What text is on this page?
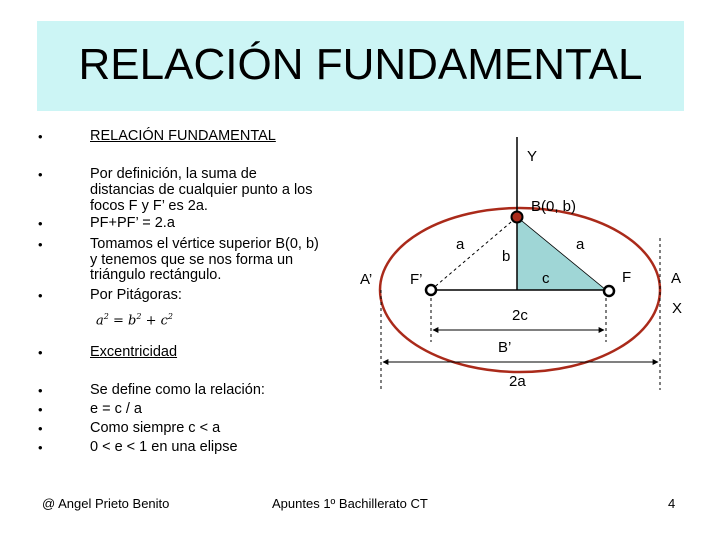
RELACIÓN FUNDAMENTAL
•	RELACIÓN FUNDAMENTAL
•	Por definición, la suma de
distancias de cualquier punto a los
focos F y F’ es 2a.
•	PF+PF’ = 2.a
•	Tomamos el vértice superior B(0, b)
y tenemos que se nos forma un
triángulo rectángulo.
•	Por Pitágoras:
$a^2 = b^2 + c^2$
•	Excentricidad
•	Se define como la relación:
•	e = c / a
•	Como siempre c < a
•	0 < e < 1 en una elipse
Y
B(0, b)
a	a
b
c
A’	F’	F	A
X
2c
B’
2a
@ Angel Prieto Benito	Apuntes 1º Bachillerato CT	4
